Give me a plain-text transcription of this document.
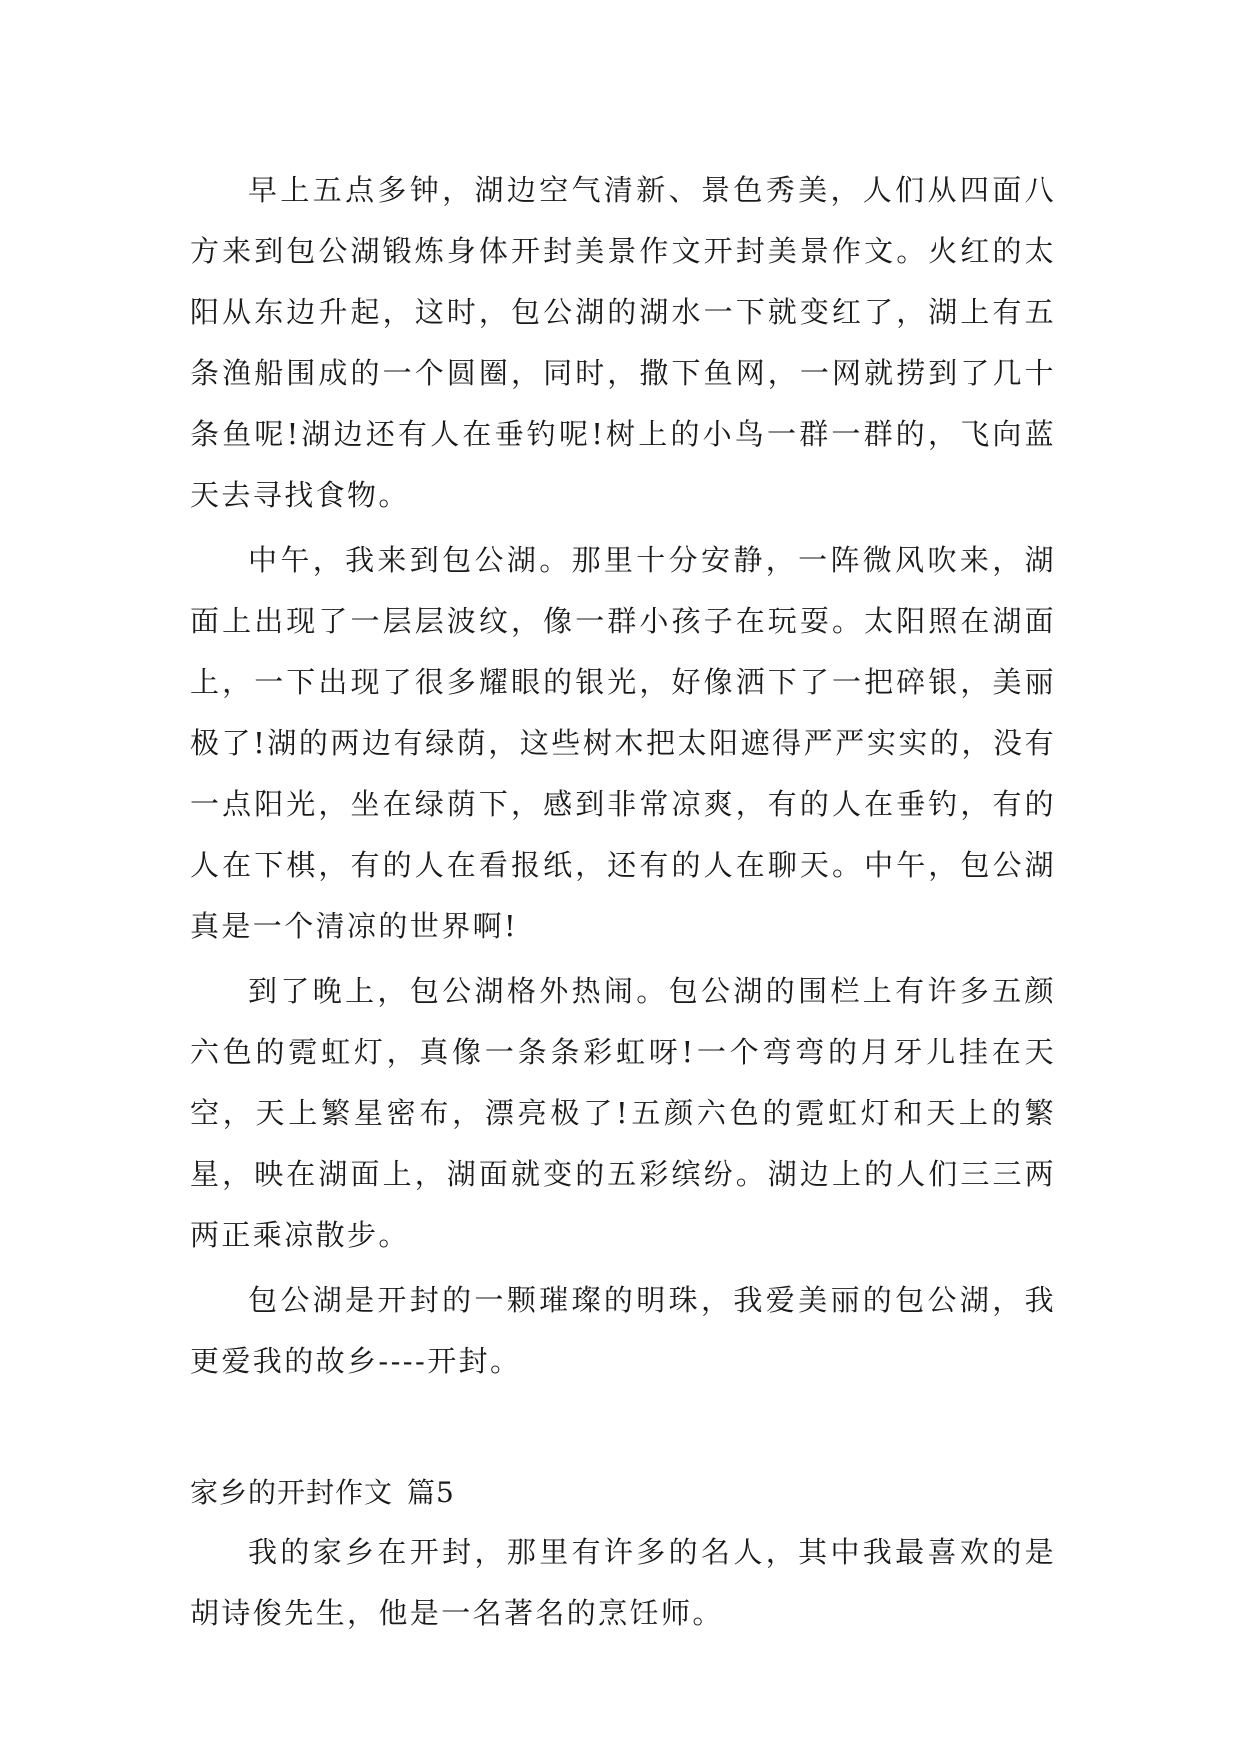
早上五点多钟，湖边空气清新、景色秀美，人们从四面八方来到包公湖锻炼身体开封美景作文开封美景作文。火红的太阳从东边升起，这时，包公湖的湖水一下就变红了，湖上有五条渔船围成的一个圆圈，同时，撒下鱼网，一网就捞到了几十条鱼呢!湖边还有人在垂钓呢!树上的小鸟一群一群的，飞向蓝天去寻找食物。

中午，我来到包公湖。那里十分安静，一阵微风吹来，湖面上出现了一层层波纹，像一群小孩子在玩耍。太阳照在湖面上，一下出现了很多耀眼的银光，好像洒下了一把碎银，美丽极了!湖的两边有绿荫，这些树木把太阳遮得严严实实的，没有一点阳光，坐在绿荫下，感到非常凉爽，有的人在垂钓，有的人在下棋，有的人在看报纸，还有的人在聊天。中午，包公湖真是一个清凉的世界啊!

到了晚上，包公湖格外热闹。包公湖的围栏上有许多五颜六色的霓虹灯，真像一条条彩虹呀!一个弯弯的月牙儿挂在天空，天上繁星密布，漂亮极了!五颜六色的霓虹灯和天上的繁星，映在湖面上，湖面就变的五彩缤纷。湖边上的人们三三两两正乘凉散步。

包公湖是开封的一颗璀璨的明珠，我爱美丽的包公湖，我更爱我的故乡----开封。

家乡的开封作文 篇5

我的家乡在开封，那里有许多的名人，其中我最喜欢的是胡诗俊先生，他是一名著名的烹饪师。
